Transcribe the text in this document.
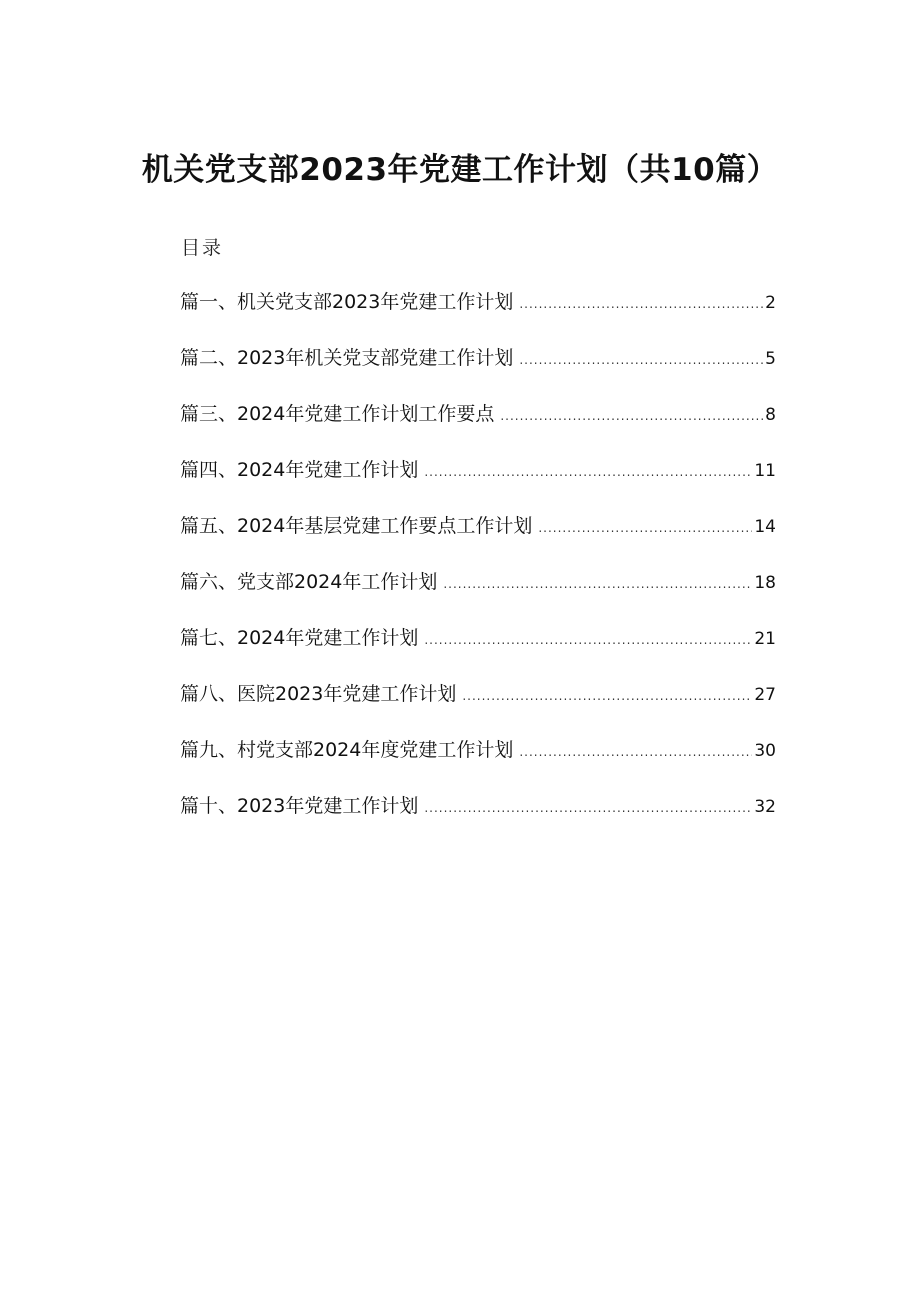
机关党支部2023年党建工作计划（共10篇）
目录
篇一、机关党支部2023年党建工作计划 .....	2
篇二、2023年机关党支部党建工作计划 .....	5
篇三、2024年党建工作计划工作要点 .....	8
篇四、2024年党建工作计划 .....	11
篇五、2024年基层党建工作要点工作计划 .....	14
篇六、党支部2024年工作计划 .....	18
篇七、2024年党建工作计划 .....	21
篇八、医院2023年党建工作计划 .....	27
篇九、村党支部2024年度党建工作计划 .....	30
篇十、2023年党建工作计划 .....	32
